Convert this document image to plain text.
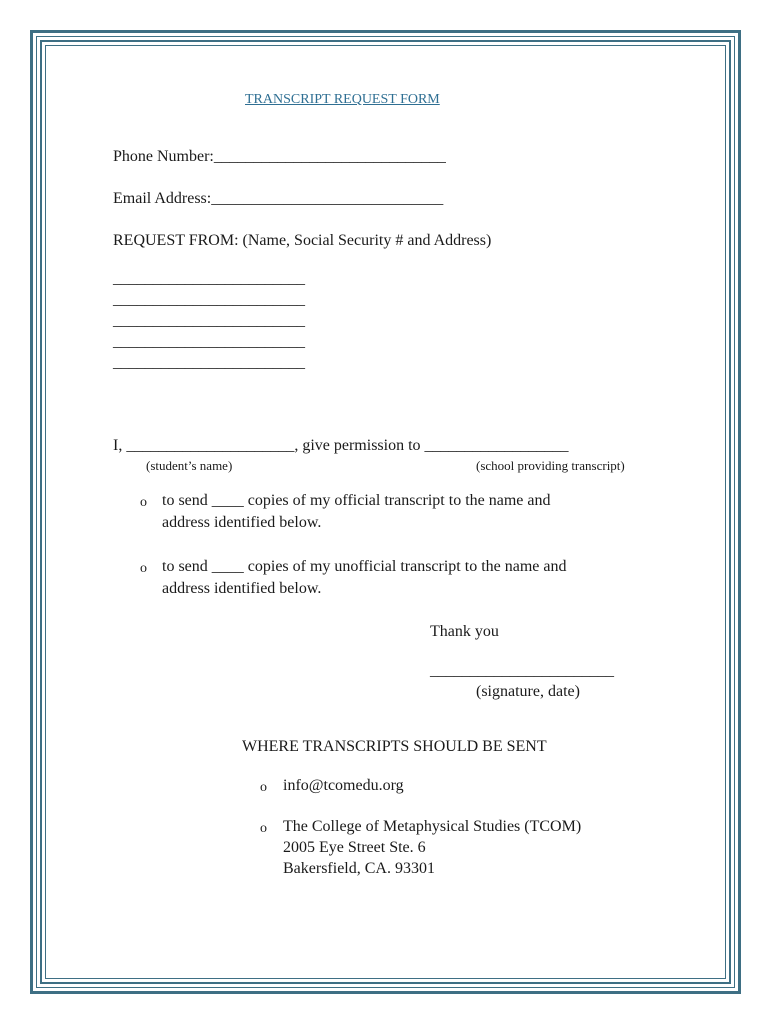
TRANSCRIPT REQUEST FORM
Phone Number:_____________________________
Email Address:_____________________________
REQUEST FROM: (Name, Social Security # and Address)
________________________
________________________
________________________
________________________
________________________
I, _____________________, give permission to __________________
(student’s name)	(school providing transcript)
o to send ____ copies of my official transcript to the name and
address identified below.
o to send ____ copies of my unofficial transcript to the name and
address identified below.
Thank you
_______________________
(signature, date)
WHERE TRANSCRIPTS SHOULD BE SENT
o info@tcomedu.org
o The College of Metaphysical Studies (TCOM)
2005 Eye Street Ste. 6
Bakersfield, CA. 93301
